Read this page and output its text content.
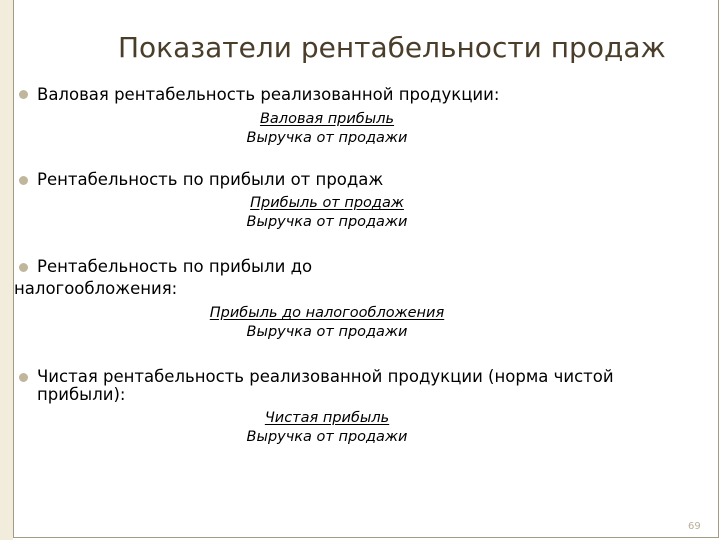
Показатели рентабельности продаж
Валовая рентабельность реализованной продукции:
Валовая прибыль
Выручка от продажи
Рентабельность по прибыли от продаж
Прибыль от продаж
Выручка от продажи
Рентабельность по прибыли до
налогообложения:
Прибыль до налогообложения
Выручка от продажи
Чистая рентабельность реализованной продукции (норма чистой
прибыли):
Чистая прибыль
Выручка от продажи
69
